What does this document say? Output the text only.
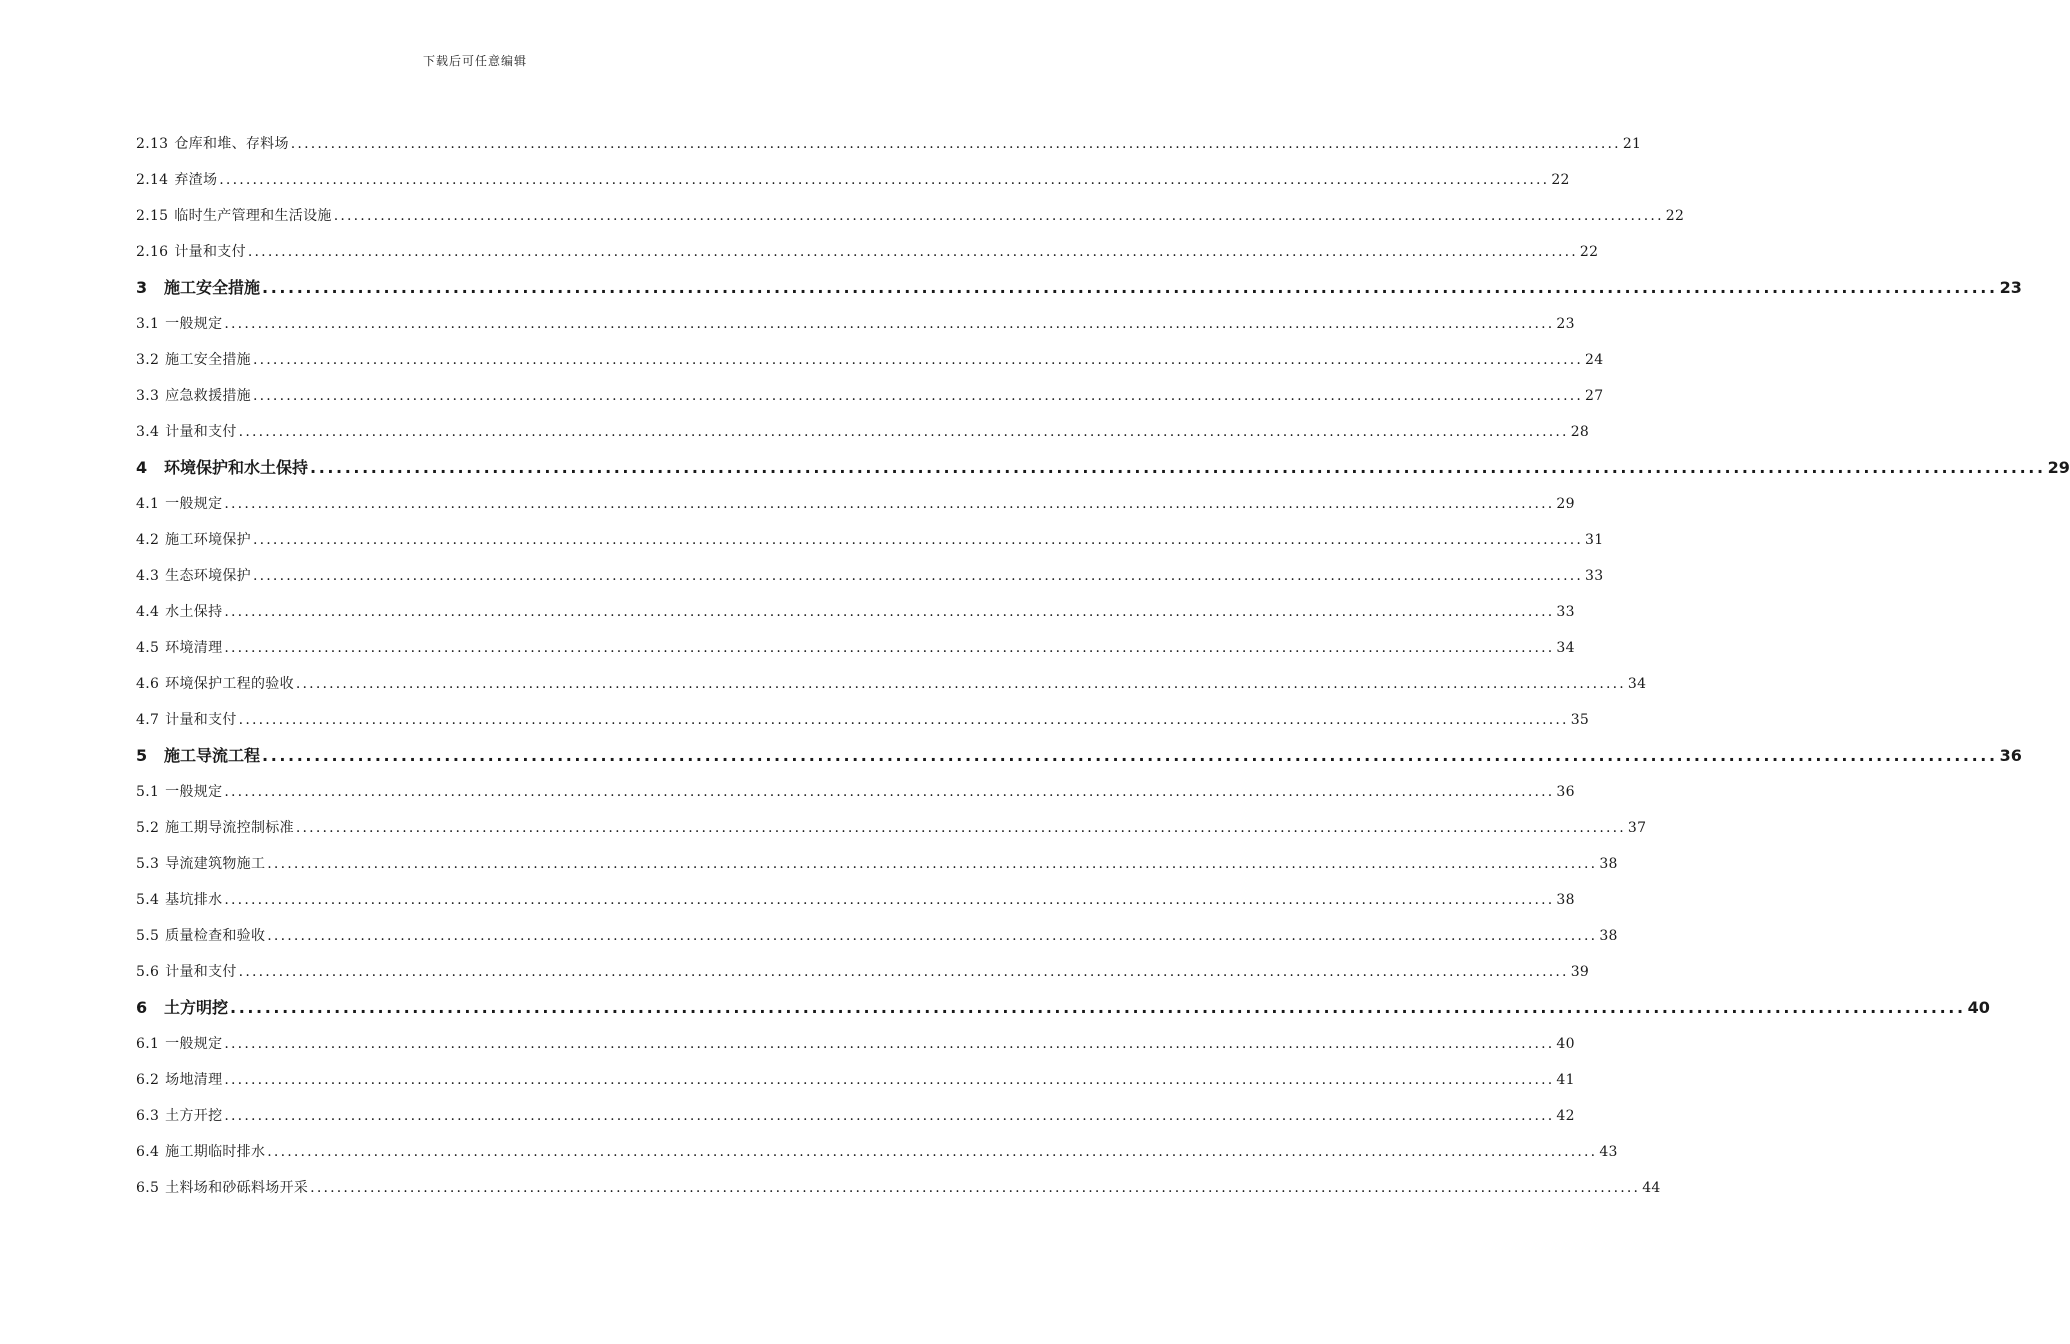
下载后可任意编辑
2.13 仓库和堆、存料场 ........................................................................................................................................................................................................ 21
2.14 弃渣场 ........................................................................................................................................................................................................ 22
2.15 临时生产管理和生活设施 ........................................................................................................................................................................................................ 22
2.16 计量和支付 ........................................................................................................................................................................................................ 22
3	施工安全措施 ........................................................................................................................................................................................................ 23
3.1 一般规定 ........................................................................................................................................................................................................ 23
3.2 施工安全措施 ........................................................................................................................................................................................................ 24
3.3 应急救援措施 ........................................................................................................................................................................................................ 27
3.4 计量和支付 ........................................................................................................................................................................................................ 28
4	环境保护和水土保持 ........................................................................................................................................................................................................ 29
4.1 一般规定 ........................................................................................................................................................................................................ 29
4.2 施工环境保护 ........................................................................................................................................................................................................ 31
4.3 生态环境保护 ........................................................................................................................................................................................................ 33
4.4 水土保持 ........................................................................................................................................................................................................ 33
4.5 环境清理 ........................................................................................................................................................................................................ 34
4.6 环境保护工程的验收 ........................................................................................................................................................................................................ 34
4.7 计量和支付 ........................................................................................................................................................................................................ 35
5	施工导流工程 ........................................................................................................................................................................................................ 36
5.1 一般规定 ........................................................................................................................................................................................................ 36
5.2 施工期导流控制标准 ........................................................................................................................................................................................................ 37
5.3 导流建筑物施工 ........................................................................................................................................................................................................ 38
5.4 基坑排水 ........................................................................................................................................................................................................ 38
5.5 质量检查和验收 ........................................................................................................................................................................................................ 38
5.6 计量和支付 ........................................................................................................................................................................................................ 39
6	土方明挖 ........................................................................................................................................................................................................ 40
6.1 一般规定 ........................................................................................................................................................................................................ 40
6.2 场地清理 ........................................................................................................................................................................................................ 41
6.3 土方开挖 ........................................................................................................................................................................................................ 42
6.4 施工期临时排水 ........................................................................................................................................................................................................ 43
6.5 土料场和砂砾料场开采 ........................................................................................................................................................................................................ 44
